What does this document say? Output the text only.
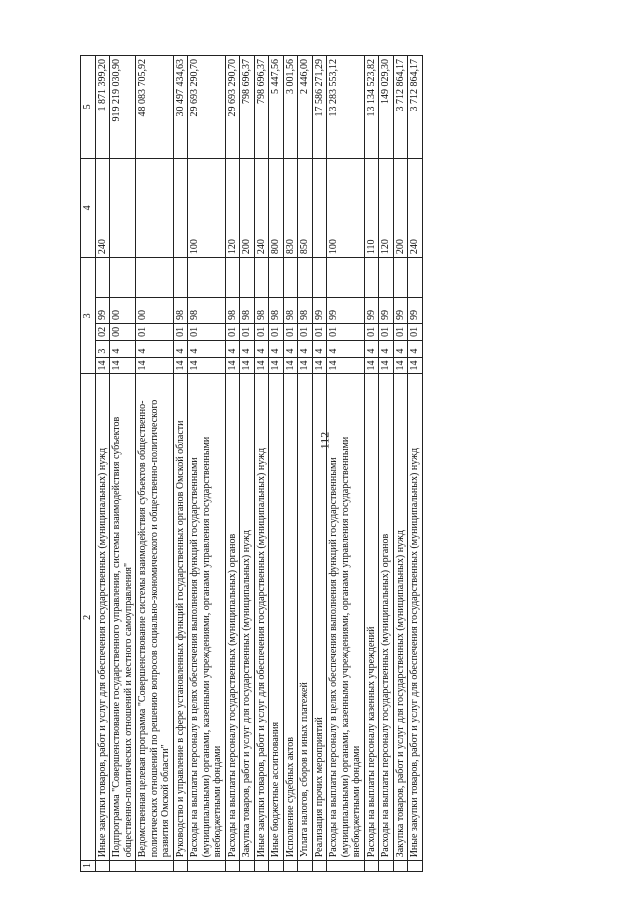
112
1	2	3					4	5
	Иные закупки товаров, работ и услуг для обеспечения государственных (муниципальных) нужд	14	3	02	99		240	1 871 399,20
	Подпрограмма "Совершенствование государственного управления, системы взаимодействия субъектов общественно-политических отношений и местного самоуправления"	14	4	00	00			919 219 030,90
	Ведомственная целевая программа "Совершенствование системы взаимодействия субъектов общественно-политических отношений по решению вопросов социально-экономического и общественно-политического развития Омской области"	14	4	01	00			48 083 705,92
	Руководство и управление в сфере установленных функций государственных органов Омской области	14	4	01	98			30 497 434,63
	Расходы на выплаты персоналу в целях обеспечения выполнения функций государственными (муниципальными) органами, казенными учреждениями, органами управления государственными внебюджетными фондами	14	4	01	98		100	29 693 290,70
	Расходы на выплаты персоналу государственных (муниципальных) органов	14	4	01	98		120	29 693 290,70
	Закупка товаров, работ и услуг для государственных (муниципальных) нужд	14	4	01	98		200	798 696,37
	Иные закупки товаров, работ и услуг для обеспечения государственных (муниципальных) нужд	14	4	01	98		240	798 696,37
	Иные бюджетные ассигнования	14	4	01	98		800	5 447,56
	Исполнение судебных актов	14	4	01	98		830	3 001,56
	Уплата налогов, сборов и иных платежей	14	4	01	98		850	2 446,00
	Реализация прочих мероприятий	14	4	01	99			17 586 271,29
	Расходы на выплаты персоналу в целях обеспечения выполнения функций государственными (муниципальными) органами, казенными учреждениями, органами управления государственными внебюджетными фондами	14	4	01	99		100	13 283 553,12
	Расходы на выплаты персоналу казенных учреждений	14	4	01	99		110	13 134 523,82
	Расходы на выплаты персоналу государственных (муниципальных) органов	14	4	01	99		120	149 029,30
	Закупка товаров, работ и услуг для государственных (муниципальных) нужд	14	4	01	99		200	3 712 864,17
	Иные закупки товаров, работ и услуг для обеспечения государственных (муниципальных) нужд	14	4	01	99		240	3 712 864,17
